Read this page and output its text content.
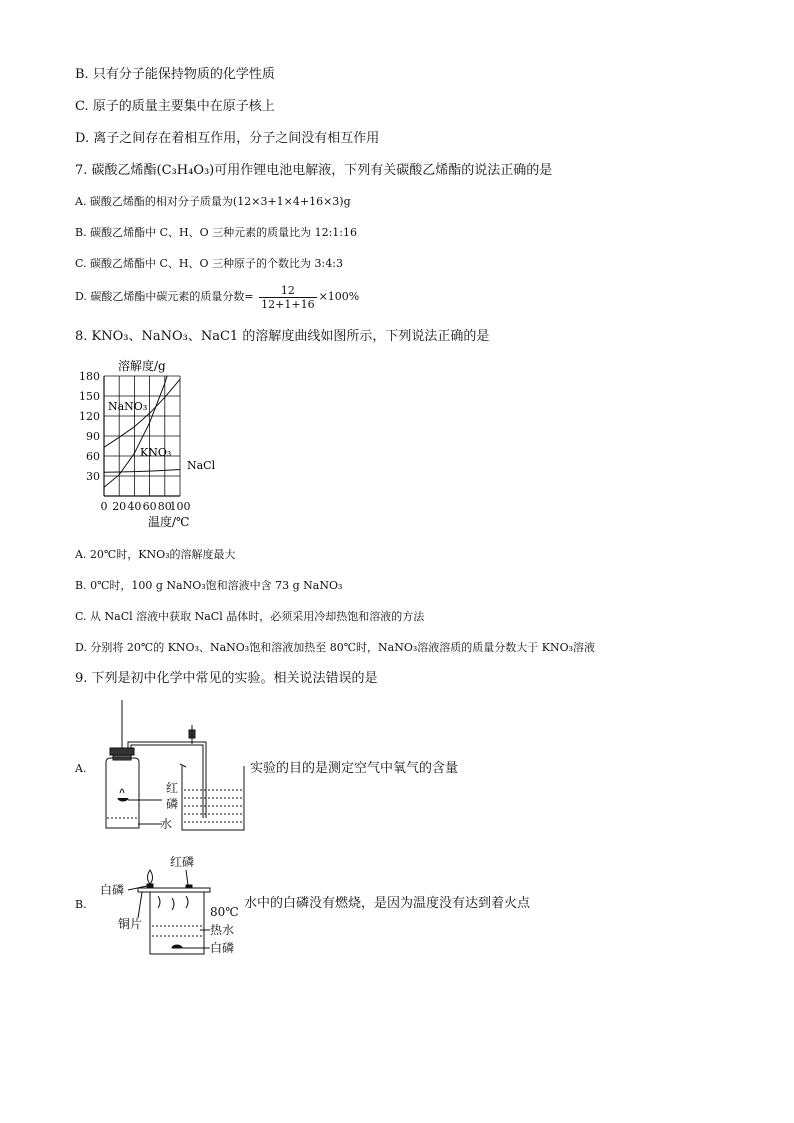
B. 只有分子能保持物质的化学性质
C. 原子的质量主要集中在原子核上
D. 离子之间存在着相互作用，分子之间没有相互作用
7. 碳酸乙烯酯(C₃H₄O₃)可用作锂电池电解液，下列有关碳酸乙烯酯的说法正确的是
A. 碳酸乙烯酯的相对分子质量为(12×3+1×4+16×3)g
B. 碳酸乙烯酯中 C、H、O 三种元素的质量比为 12:1:16
C. 碳酸乙烯酯中 C、H、O 三种原子的个数比为 3:4:3
D. 碳酸乙烯酯中碳元素的质量分数= $\frac{12}{12+1+16} \times 100\%$
8. KNO₃、NaNO₃、NaC1 的溶解度曲线如图所示，下列说法正确的是
溶解度/g
0 20 40 60 80
100
180
150
120
90
60
30
NaNO₃
KNO₃
NaCl
温度/℃
A. 20℃时，KNO₃的溶解度最大
B. 0℃时，100 g NaNO₃饱和溶液中含 73 g NaNO₃
C. 从 NaCl 溶液中获取 NaCl 晶体时，必须采用冷却热饱和溶液的方法
D. 分别将 20℃的 KNO₃、NaNO₃饱和溶液加热至 80℃时，NaNO₃溶液溶质的质量分数大于 KNO₃溶液
9. 下列是初中化学中常见的实验。相关说法错误的是
A.
红
磷
水
实验的目的是测定空气中氧气的含量
B.
红磷
白磷
铜片
80℃
热水
白磷
水中的白磷没有燃烧，是因为温度没有达到着火点
